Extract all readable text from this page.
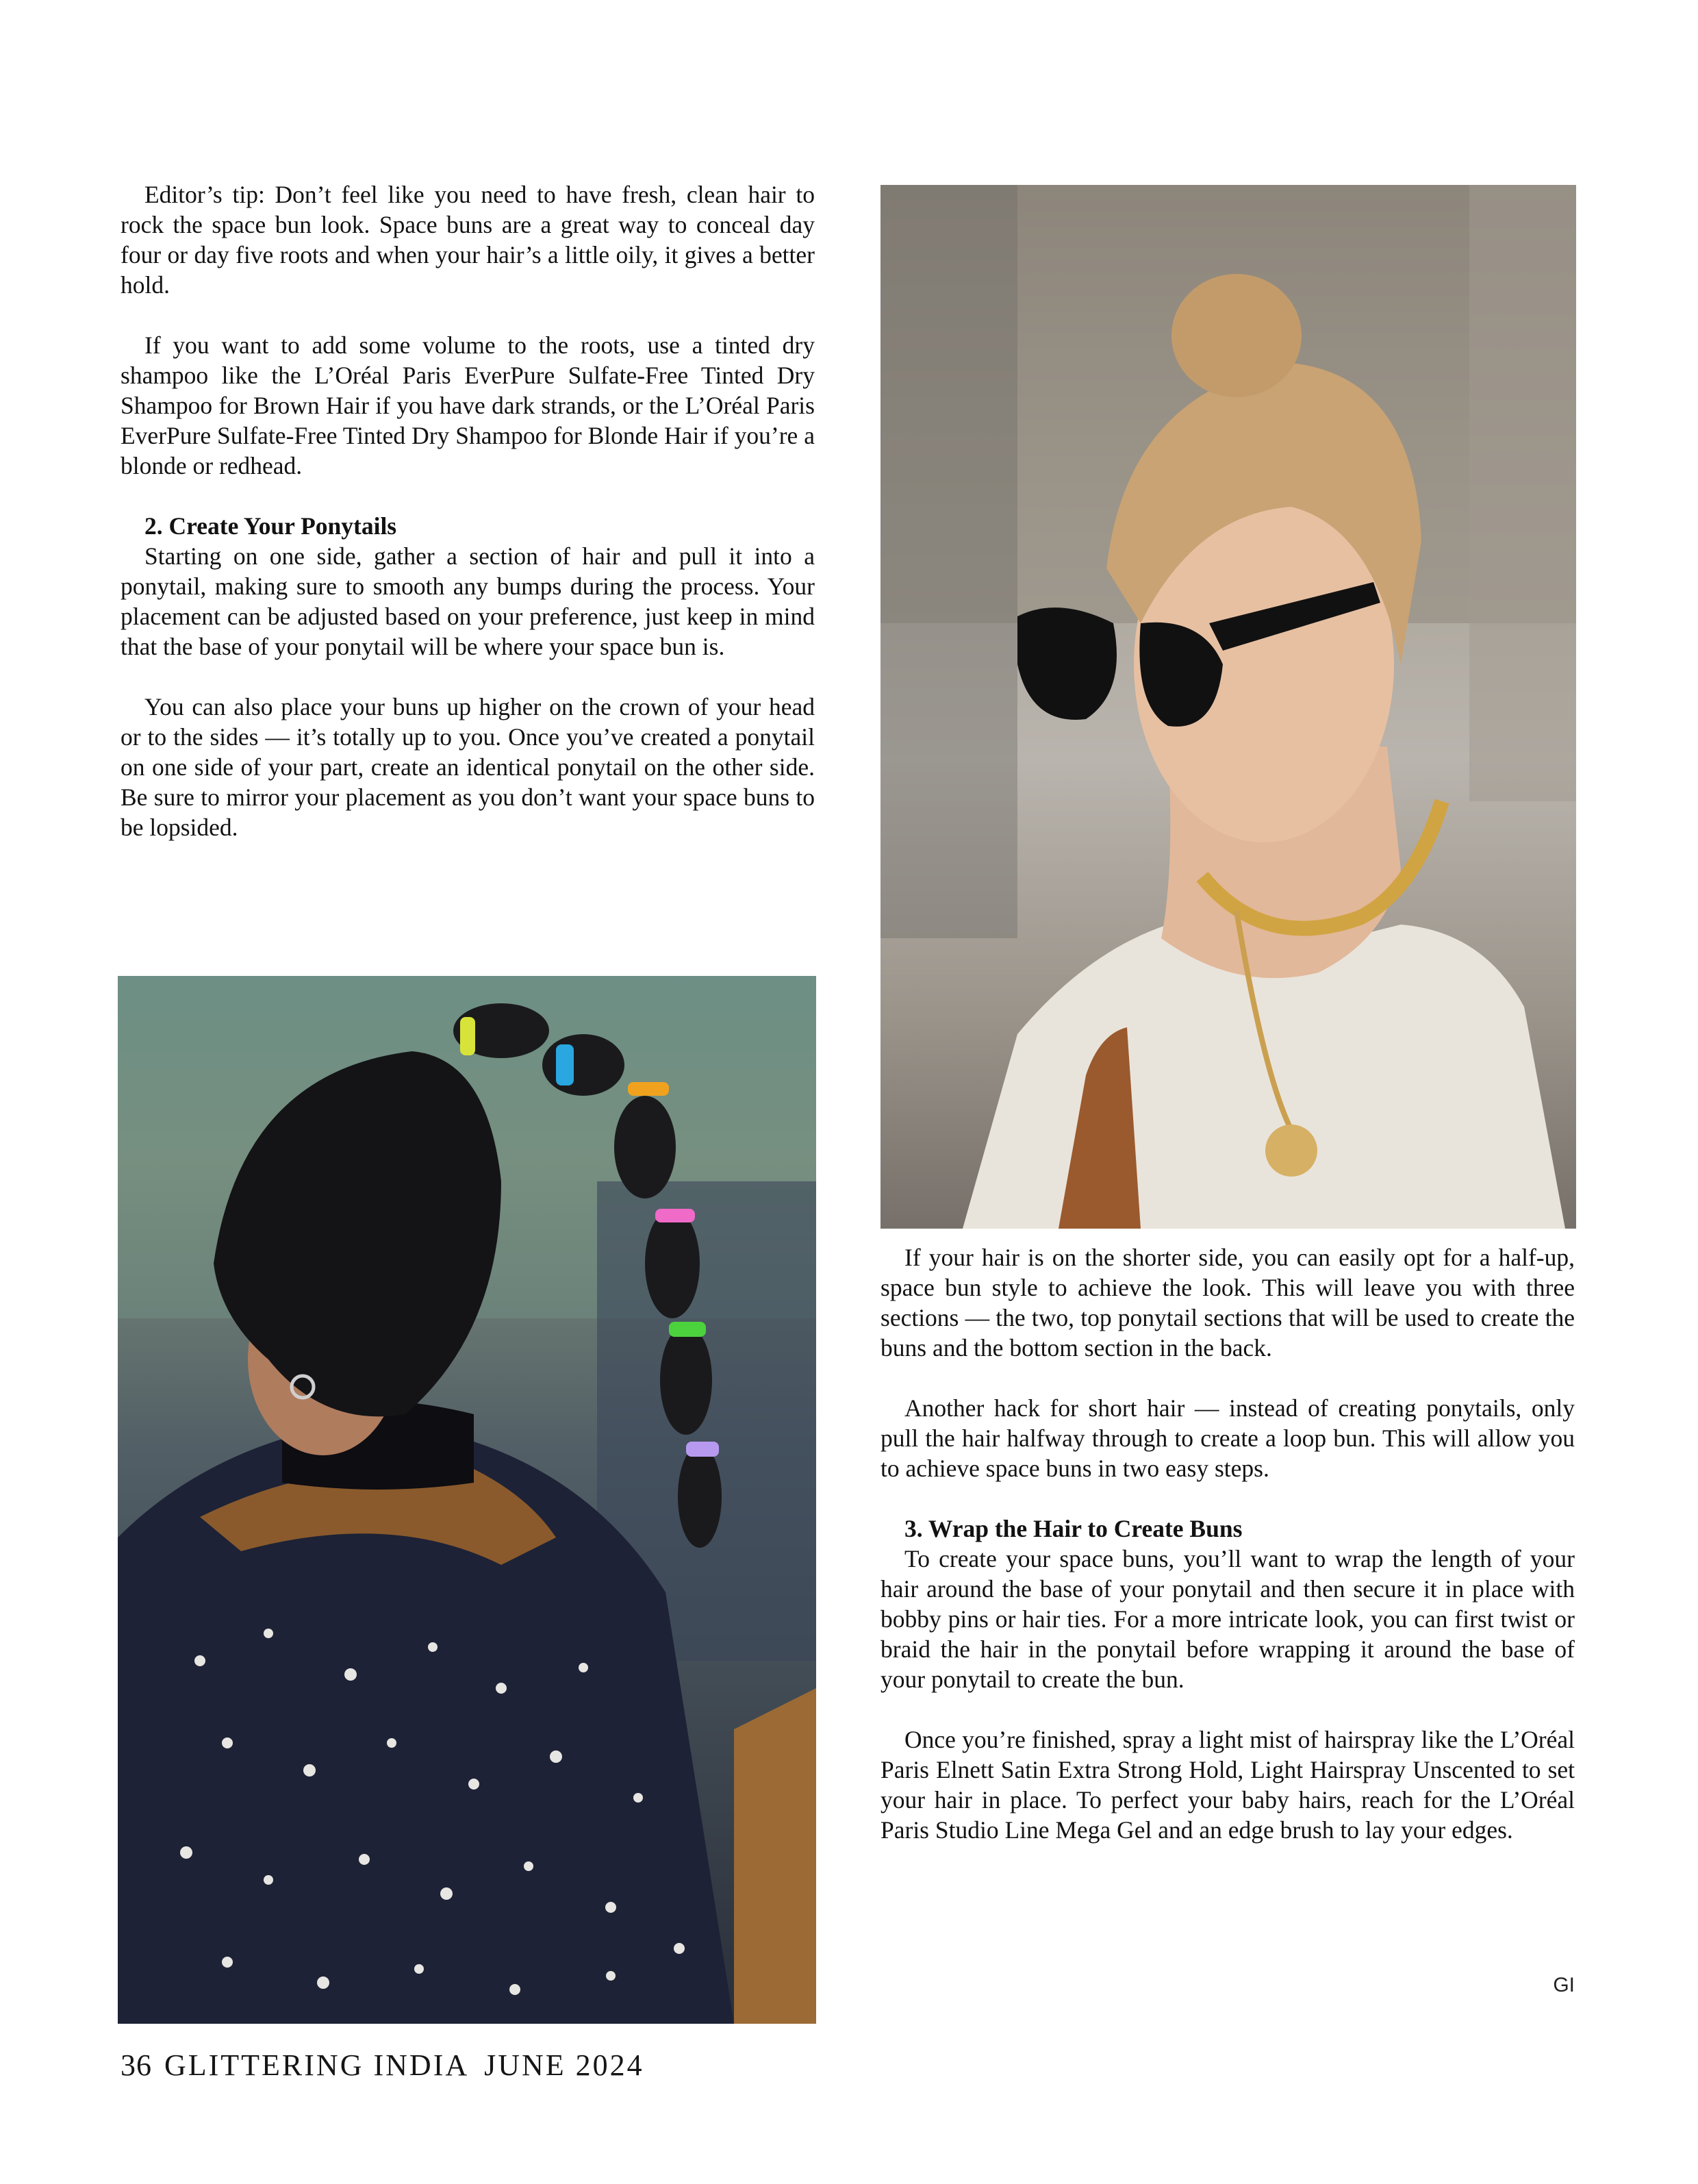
Editor’s tip: Don’t feel like you need to have fresh, clean hair to rock the space bun look. Space buns are a great way to conceal day four or day five roots and when your hair’s a little oily, it gives a better hold.

If you want to add some volume to the roots, use a tinted dry shampoo like the L’Oréal Paris EverPure Sulfate-Free Tinted Dry Shampoo for Brown Hair if you have dark strands, or the L’Oréal Paris EverPure Sulfate-Free Tinted Dry Shampoo for Blonde Hair if you’re a blonde or redhead.

2. Create Your Ponytails

Starting on one side, gather a section of hair and pull it into a ponytail, making sure to smooth any bumps during the process. Your placement can be adjusted based on your preference, just keep in mind that the base of your ponytail will be where your space bun is.

You can also place your buns up higher on the crown of your head or to the sides — it’s totally up to you. Once you’ve created a ponytail on one side of your part, create an identical ponytail on the other side. Be sure to mirror your placement as you don’t want your space buns to be lopsided.

If your hair is on the shorter side, you can easily opt for a half-up, space bun style to achieve the look. This will leave you with three sections — the two, top ponytail sections that will be used to create the buns and the bottom section in the back.

Another hack for short hair — instead of creating ponytails, only pull the hair halfway through to create a loop bun. This will allow you to achieve space buns in two easy steps.

3. Wrap the Hair to Create Buns

To create your space buns, you’ll want to wrap the length of your hair around the base of your ponytail and then secure it in place with bobby pins or hair ties. For a more intricate look, you can first twist or braid the hair in the ponytail before wrapping it around the base of your ponytail to create the bun.

Once you’re finished, spray a light mist of hairspray like the L’Oréal Paris Elnett Satin Extra Strong Hold, Light Hairspray Unscented to set your hair in place. To perfect your baby hairs, reach for the L’Oréal Paris Studio Line Mega Gel and an edge brush to lay your edges.

GI
36 GLITTERING INDIA JUNE 2024
